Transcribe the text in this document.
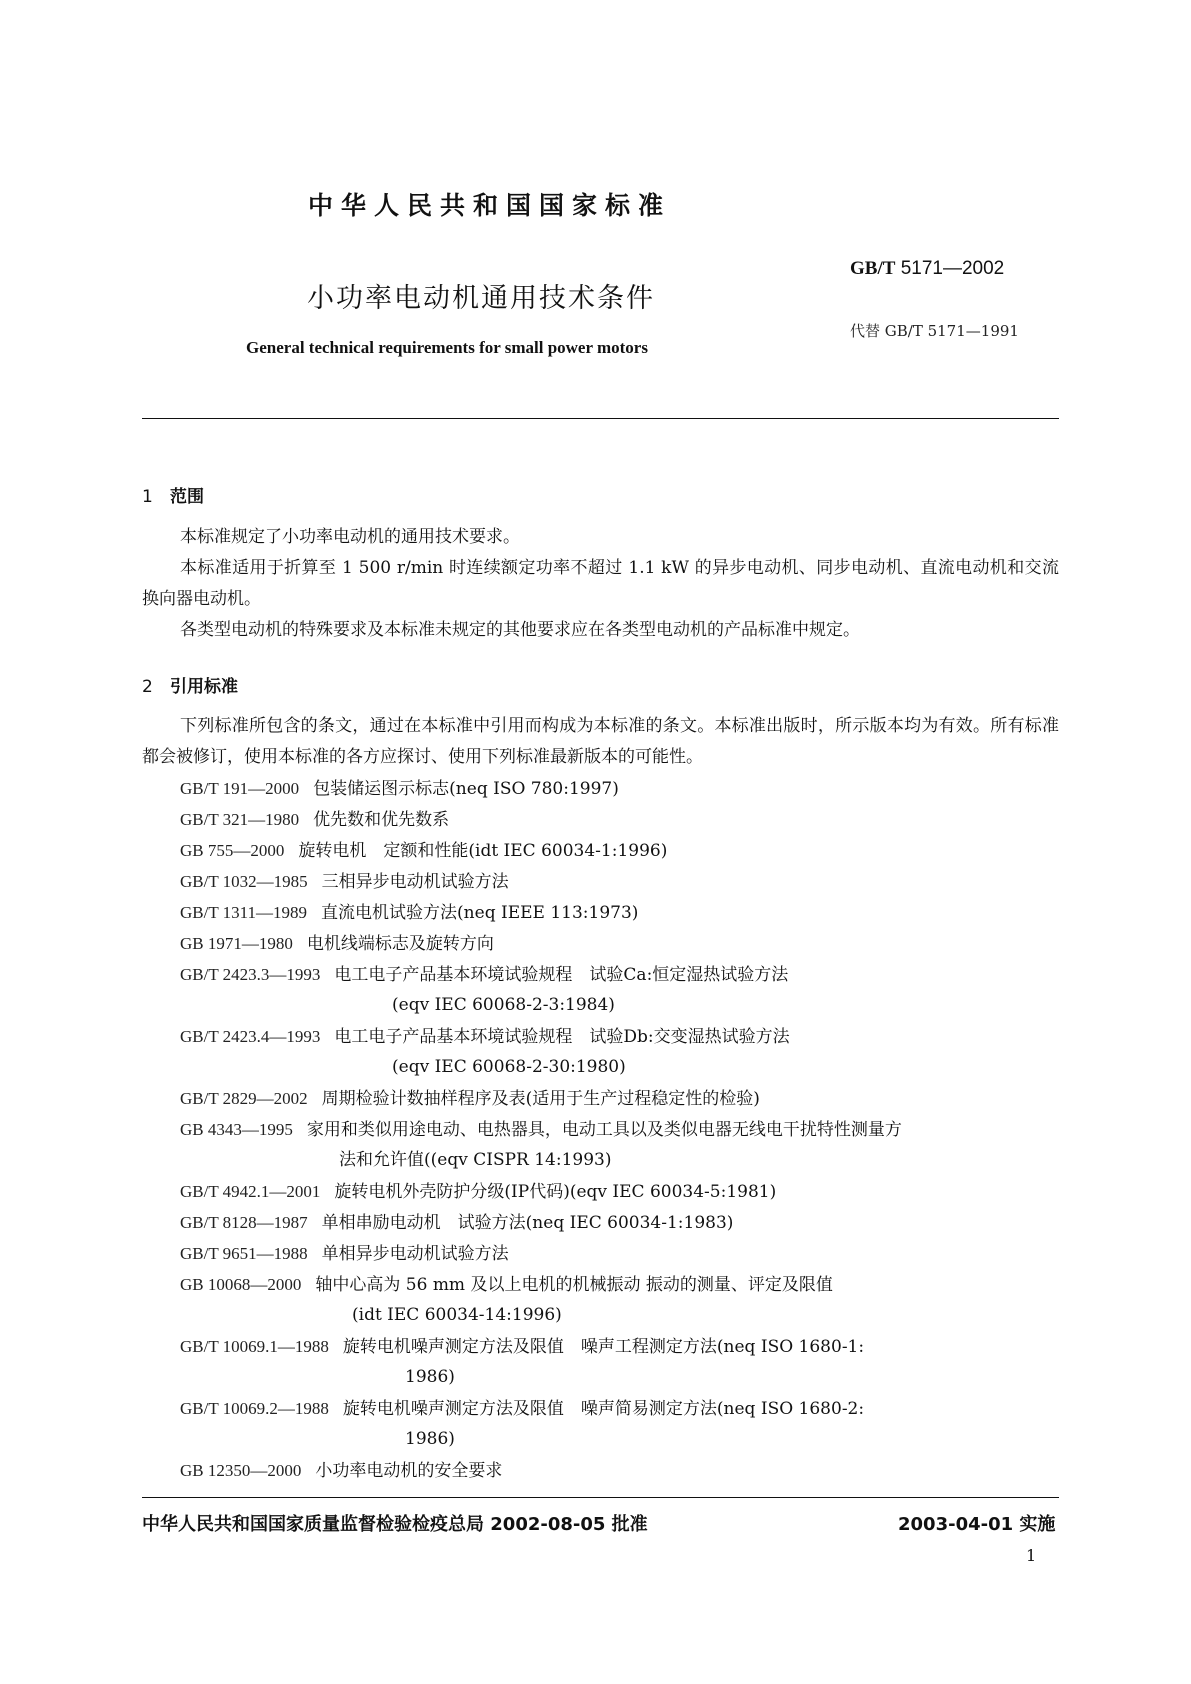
中华人民共和国国家标准
小功率电动机通用技术条件
General technical requirements for small power motors
GB/T 5171—2002
代替 GB/T 5171—1991
1 范围
本标准规定了小功率电动机的通用技术要求。
本标准适用于折算至 1 500 r/min 时连续额定功率不超过 1.1 kW 的异步电动机、同步电动机、直流电动机和交流换向器电动机。
各类型电动机的特殊要求及本标准未规定的其他要求应在各类型电动机的产品标准中规定。
2 引用标准
下列标准所包含的条文，通过在本标准中引用而构成为本标准的条文。本标准出版时，所示版本均为有效。所有标准都会被修订，使用本标准的各方应探讨、使用下列标准最新版本的可能性。
GB/T 191—2000 包装储运图示标志(neq ISO 780:1997)
GB/T 321—1980 优先数和优先数系
GB 755—2000 旋转电机　定额和性能(idt IEC 60034-1:1996)
GB/T 1032—1985 三相异步电动机试验方法
GB/T 1311—1989 直流电机试验方法(neq IEEE 113:1973)
GB 1971—1980 电机线端标志及旋转方向
GB/T 2423.3—1993 电工电子产品基本环境试验规程　试验Ca:恒定湿热试验方法
(eqv IEC 60068-2-3:1984)
GB/T 2423.4—1993 电工电子产品基本环境试验规程　试验Db:交变湿热试验方法
(eqv IEC 60068-2-30:1980)
GB/T 2829—2002 周期检验计数抽样程序及表(适用于生产过程稳定性的检验)
GB 4343—1995 家用和类似用途电动、电热器具，电动工具以及类似电器无线电干扰特性测量方
法和允许值((eqv CISPR 14:1993)
GB/T 4942.1—2001 旋转电机外壳防护分级(IP代码)(eqv IEC 60034-5:1981)
GB/T 8128—1987 单相串励电动机　试验方法(neq IEC 60034-1:1983)
GB/T 9651—1988 单相异步电动机试验方法
GB 10068—2000 轴中心高为 56 mm 及以上电机的机械振动 振动的测量、评定及限值
(idt IEC 60034-14:1996)
GB/T 10069.1—1988 旋转电机噪声测定方法及限值　噪声工程测定方法(neq ISO 1680-1:
1986)
GB/T 10069.2—1988 旋转电机噪声测定方法及限值　噪声简易测定方法(neq ISO 1680-2:
1986)
GB 12350—2000 小功率电动机的安全要求
中华人民共和国国家质量监督检验检疫总局 2002-08-05 批准	2003-04-01 实施
1
